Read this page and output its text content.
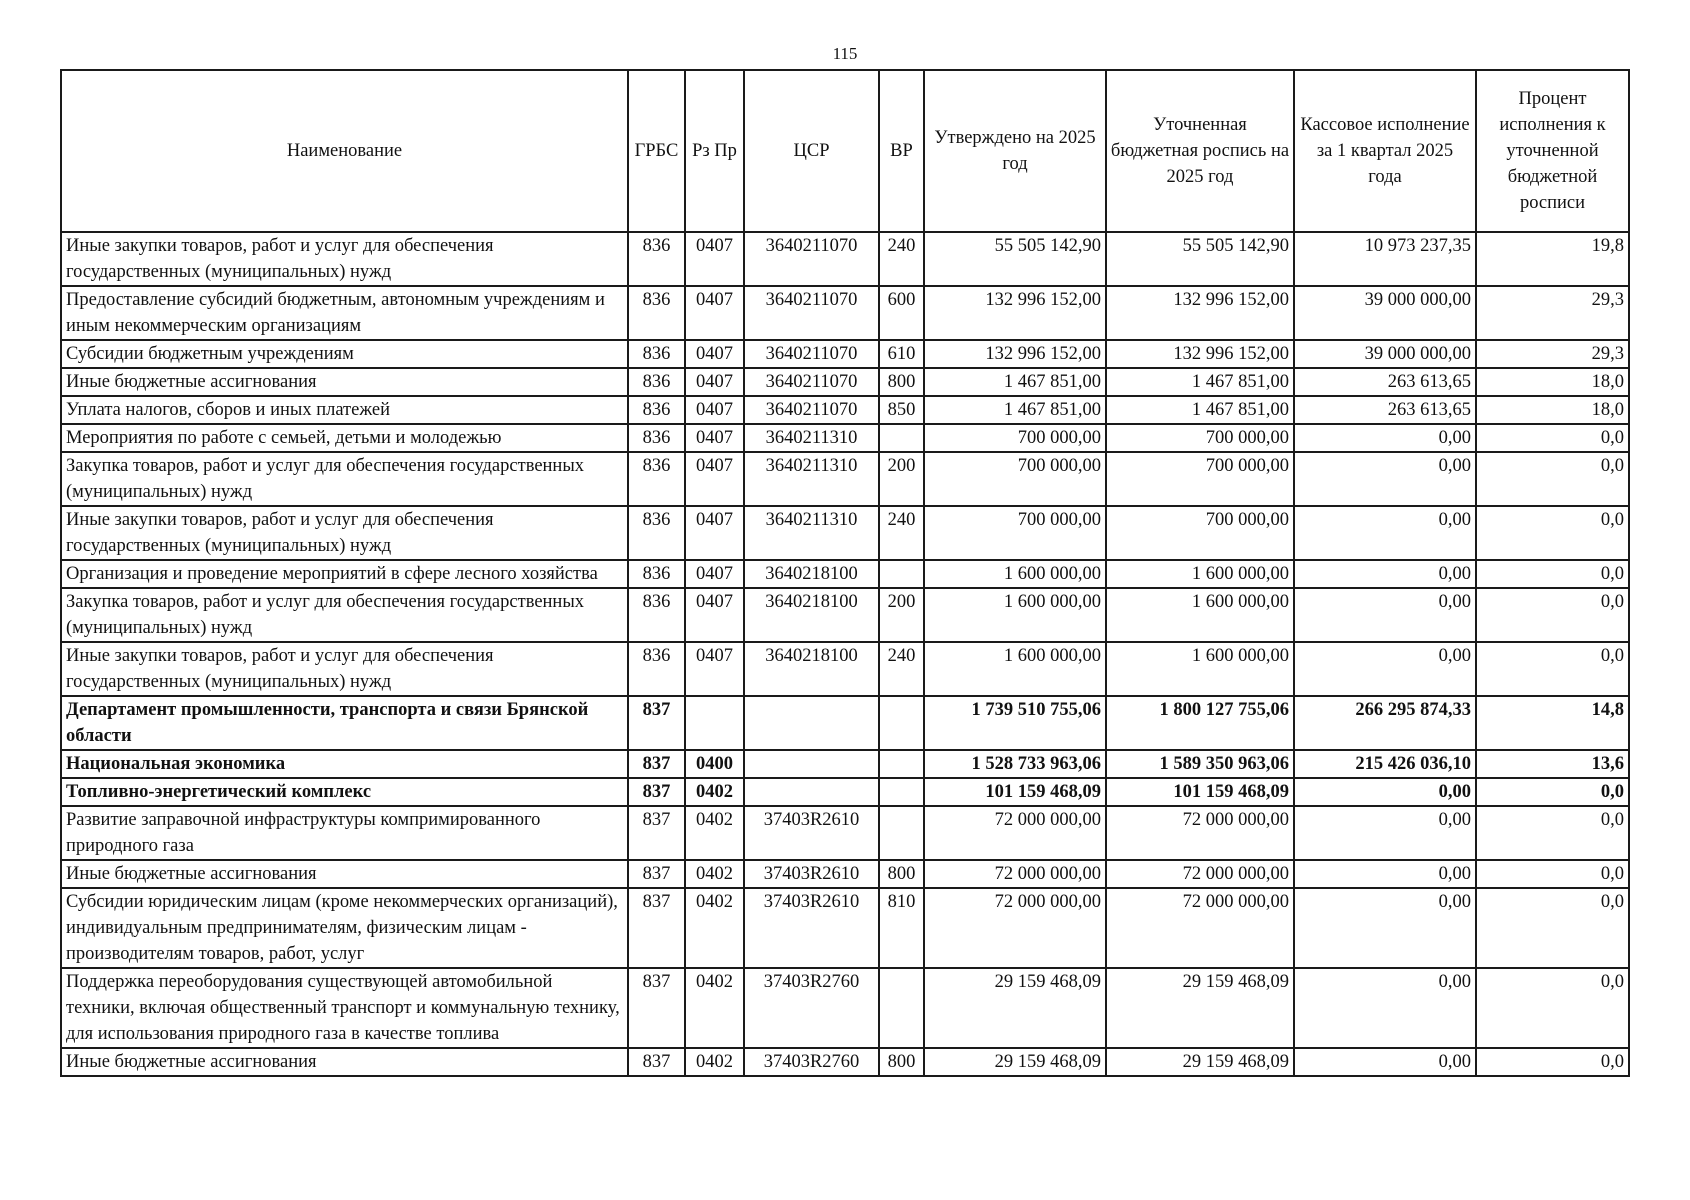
115
Наименование	ГРБС	Рз Пр	ЦСР	ВР	Утверждено на 2025 год	Уточненная бюджетная роспись на 2025 год	Кассовое исполнение за 1 квартал 2025 года	Процент исполнения к уточненной бюджетной росписи
Иные закупки товаров, работ и услуг для обеспечения государственных (муниципальных) нужд	836	0407	3640211070	240	55 505 142,90	55 505 142,90	10 973 237,35	19,8
Предоставление субсидий бюджетным, автономным учреждениям и иным некоммерческим организациям	836	0407	3640211070	600	132 996 152,00	132 996 152,00	39 000 000,00	29,3
Субсидии бюджетным учреждениям	836	0407	3640211070	610	132 996 152,00	132 996 152,00	39 000 000,00	29,3
Иные бюджетные ассигнования	836	0407	3640211070	800	1 467 851,00	1 467 851,00	263 613,65	18,0
Уплата налогов, сборов и иных платежей	836	0407	3640211070	850	1 467 851,00	1 467 851,00	263 613,65	18,0
Мероприятия по работе с семьей, детьми и молодежью	836	0407	3640211310		700 000,00	700 000,00	0,00	0,0
Закупка товаров, работ и услуг для обеспечения государственных (муниципальных) нужд	836	0407	3640211310	200	700 000,00	700 000,00	0,00	0,0
Иные закупки товаров, работ и услуг для обеспечения государственных (муниципальных) нужд	836	0407	3640211310	240	700 000,00	700 000,00	0,00	0,0
Организация и проведение мероприятий в сфере лесного хозяйства	836	0407	3640218100		1 600 000,00	1 600 000,00	0,00	0,0
Закупка товаров, работ и услуг для обеспечения государственных (муниципальных) нужд	836	0407	3640218100	200	1 600 000,00	1 600 000,00	0,00	0,0
Иные закупки товаров, работ и услуг для обеспечения государственных (муниципальных) нужд	836	0407	3640218100	240	1 600 000,00	1 600 000,00	0,00	0,0
Департамент промышленности, транспорта и связи Брянской области	837				1 739 510 755,06	1 800 127 755,06	266 295 874,33	14,8
Национальная экономика	837	0400			1 528 733 963,06	1 589 350 963,06	215 426 036,10	13,6
Топливно-энергетический комплекс	837	0402			101 159 468,09	101 159 468,09	0,00	0,0
Развитие заправочной инфраструктуры компримированного природного газа	837	0402	37403R2610		72 000 000,00	72 000 000,00	0,00	0,0
Иные бюджетные ассигнования	837	0402	37403R2610	800	72 000 000,00	72 000 000,00	0,00	0,0
Субсидии юридическим лицам (кроме некоммерческих организаций), индивидуальным предпринимателям, физическим лицам - производителям товаров, работ, услуг	837	0402	37403R2610	810	72 000 000,00	72 000 000,00	0,00	0,0
Поддержка переоборудования существующей автомобильной техники, включая общественный транспорт и коммунальную технику, для использования природного газа в качестве топлива	837	0402	37403R2760		29 159 468,09	29 159 468,09	0,00	0,0
Иные бюджетные ассигнования	837	0402	37403R2760	800	29 159 468,09	29 159 468,09	0,00	0,0
